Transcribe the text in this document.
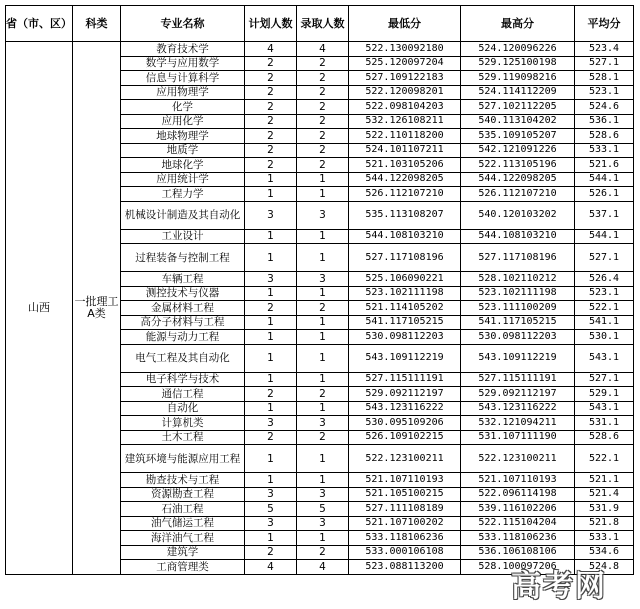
省（市、区）	科类	专业名称	计划人数	录取人数	最低分	最高分	平均分
山西	一批理工A类	教育技术学	4	4	522.130092180	524.120096226	523.4
		数学与应用数学	2	2	525.120097204	529.125100198	527.1
		信息与计算科学	2	2	527.109122183	529.119098216	528.1
		应用物理学	2	2	522.120098201	524.114112209	523.1
		化学	2	2	522.098104203	527.102112205	524.6
		应用化学	2	2	532.126108211	540.113104202	536.1
		地球物理学	2	2	522.110118200	535.109105207	528.6
		地质学	2	2	524.101107211	542.121091226	533.1
		地球化学	2	2	521.103105206	522.113105196	521.6
		应用统计学	1	1	544.122098205	544.122098205	544.1
		工程力学	1	1	526.112107210	526.112107210	526.1
		机械设计制造及其自动化	3	3	535.113108207	540.120103202	537.1
		工业设计	1	1	544.108103210	544.108103210	544.1
		过程装备与控制工程	1	1	527.117108196	527.117108196	527.1
		车辆工程	3	3	525.106090221	528.102110212	526.4
		测控技术与仪器	1	1	523.102111198	523.102111198	523.1
		金属材料工程	2	2	521.114105202	523.111100209	522.1
		高分子材料与工程	1	1	541.117105215	541.117105215	541.1
		能源与动力工程	1	1	530.098112203	530.098112203	530.1
		电气工程及其自动化	1	1	543.109112219	543.109112219	543.1
		电子科学与技术	1	1	527.115111191	527.115111191	527.1
		通信工程	2	2	529.092112197	529.092112197	529.1
		自动化	1	1	543.123116222	543.123116222	543.1
		计算机类	3	3	530.095109206	532.121094211	531.1
		土木工程	2	2	526.109102215	531.107111190	528.6
		建筑环境与能源应用工程	1	1	522.123100211	522.123100211	522.1
		勘查技术与工程	1	1	521.107110193	521.107110193	521.1
		资源勘查工程	3	3	521.105100215	522.096114198	521.4
		石油工程	5	5	527.111108189	539.116102206	531.9
		油气储运工程	3	3	521.107100202	522.115104204	521.8
		海洋油气工程	1	1	533.118106236	533.118106236	533.1
		建筑学	2	2	533.000106108	536.106108106	534.6
		工商管理类	4	4	523.088113200	528.100097206	524.8
高考网
